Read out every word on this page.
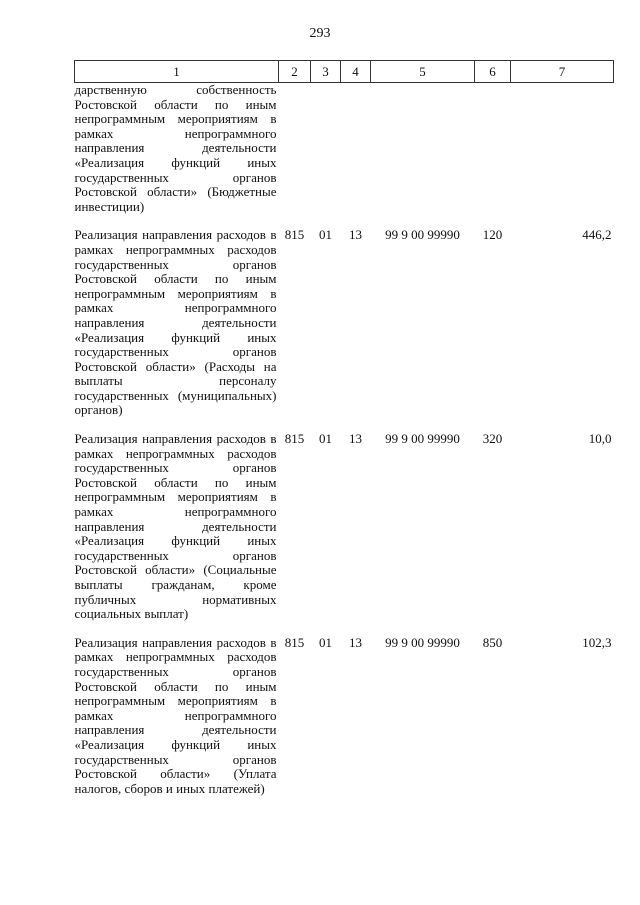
293
1	2	3	4	5	6	7
дарственную собственность Ростовской области по иным непрограммным мероприятиям в рамках непрограммного направления деятельности «Реализация функций иных государственных органов Ростовской области» (Бюджетные инвестиции)						
Реализация направления расходов в рамках непрограммных расходов государственных органов Ростовской области по иным непрограммным мероприятиям в рамках непрограммного направления деятельности «Реализация функций иных государственных органов Ростовской области» (Расходы на выплаты персоналу государственных (муниципальных) органов)	815	01	13	99 9 00 99990	120	446,2
Реализация направления расходов в рамках непрограммных расходов государственных органов Ростовской области по иным непрограммным мероприятиям в рамках непрограммного направления деятельности «Реализация функций иных государственных органов Ростовской области» (Социальные выплаты гражданам, кроме публичных нормативных социальных выплат)	815	01	13	99 9 00 99990	320	10,0
Реализация направления расходов в рамках непрограммных расходов государственных органов Ростовской области по иным непрограммным мероприятиям в рамках непрограммного направления деятельности «Реализация функций иных государственных органов Ростовской области» (Уплата налогов, сборов и иных платежей)	815	01	13	99 9 00 99990	850	102,3
